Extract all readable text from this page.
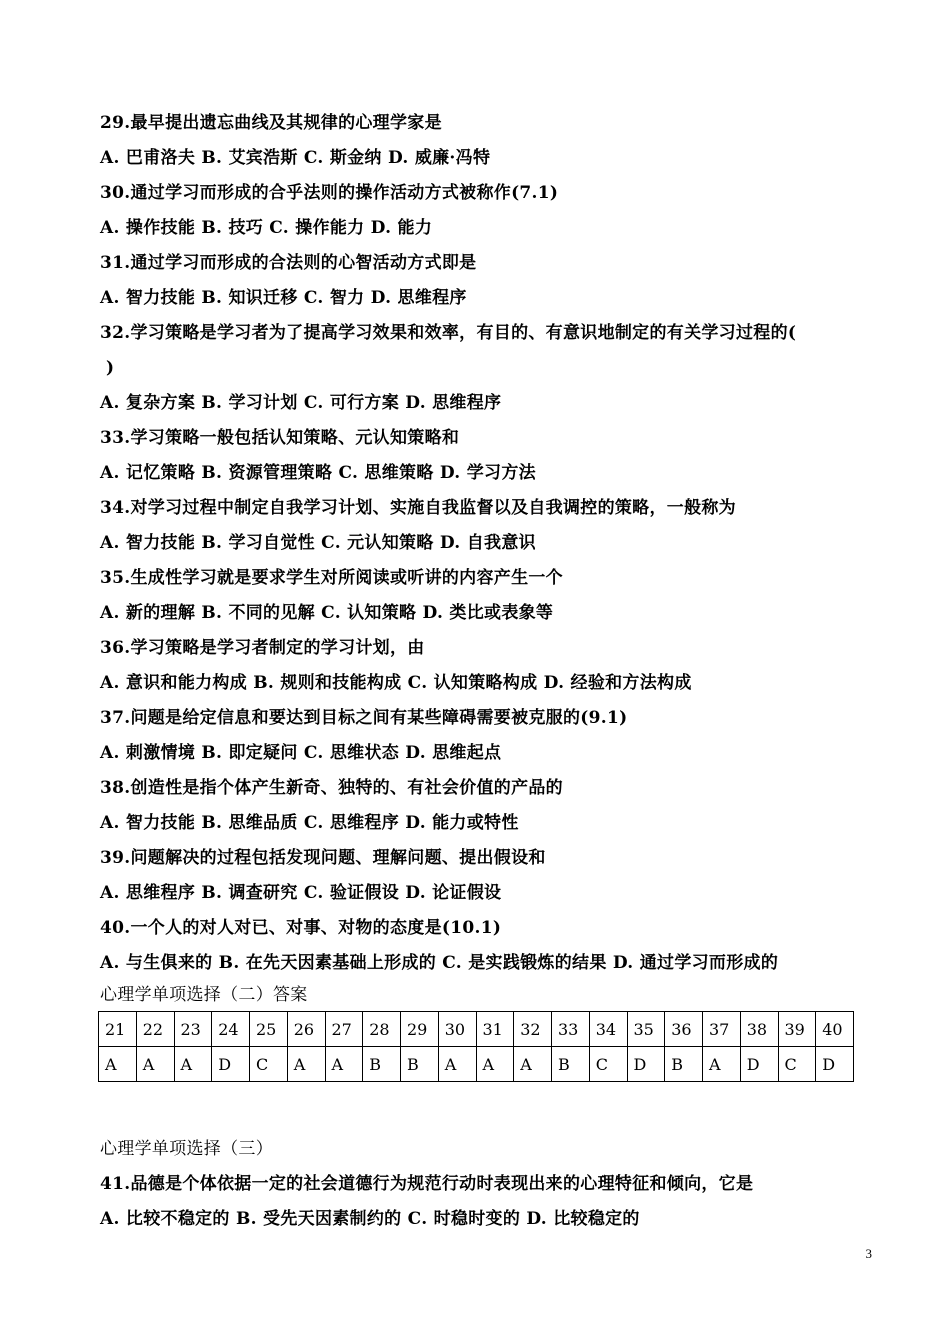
29.最早提出遗忘曲线及其规律的心理学家是
A. 巴甫洛夫 B. 艾宾浩斯 C. 斯金纳 D. 威廉·冯特
30.通过学习而形成的合乎法则的操作活动方式被称作(7.1)
A. 操作技能 B. 技巧 C. 操作能力 D. 能力
31.通过学习而形成的合法则的心智活动方式即是
A. 智力技能 B. 知识迁移 C. 智力 D. 思维程序
32.学习策略是学习者为了提高学习效果和效率，有目的、有意识地制定的有关学习过程的(
)
A. 复杂方案 B. 学习计划 C. 可行方案 D. 思维程序
33.学习策略一般包括认知策略、元认知策略和
A. 记忆策略 B. 资源管理策略 C. 思维策略 D. 学习方法
34.对学习过程中制定自我学习计划、实施自我监督以及自我调控的策略，一般称为
A. 智力技能 B. 学习自觉性 C. 元认知策略 D. 自我意识
35.生成性学习就是要求学生对所阅读或听讲的内容产生一个
A. 新的理解 B. 不同的见解 C. 认知策略 D. 类比或表象等
36.学习策略是学习者制定的学习计划，由
A. 意识和能力构成 B. 规则和技能构成 C. 认知策略构成 D. 经验和方法构成
37.问题是给定信息和要达到目标之间有某些障碍需要被克服的(9.1)
A. 刺激情境 B. 即定疑问 C. 思维状态 D. 思维起点
38.创造性是指个体产生新奇、独特的、有社会价值的产品的
A. 智力技能 B. 思维品质 C. 思维程序 D. 能力或特性
39.问题解决的过程包括发现问题、理解问题、提出假设和
A. 思维程序 B. 调查研究 C. 验证假设 D. 论证假设
40.一个人的对人对已、对事、对物的态度是(10.1)
A. 与生俱来的 B. 在先天因素基础上形成的 C. 是实践锻炼的结果 D. 通过学习而形成的
心理学单项选择（二）答案
21	22	23	24	25	26	27	28	29	30	31	32	33	34	35	36	37	38	39	40
A	A	A	D	C	A	A	B	B	A	A	A	B	C	D	B	A	D	C	D
心理学单项选择（三）
41.品德是个体依据一定的社会道德行为规范行动时表现出来的心理特征和倾向，它是
A. 比较不稳定的 B. 受先天因素制约的 C. 时稳时变的 D. 比较稳定的
3
